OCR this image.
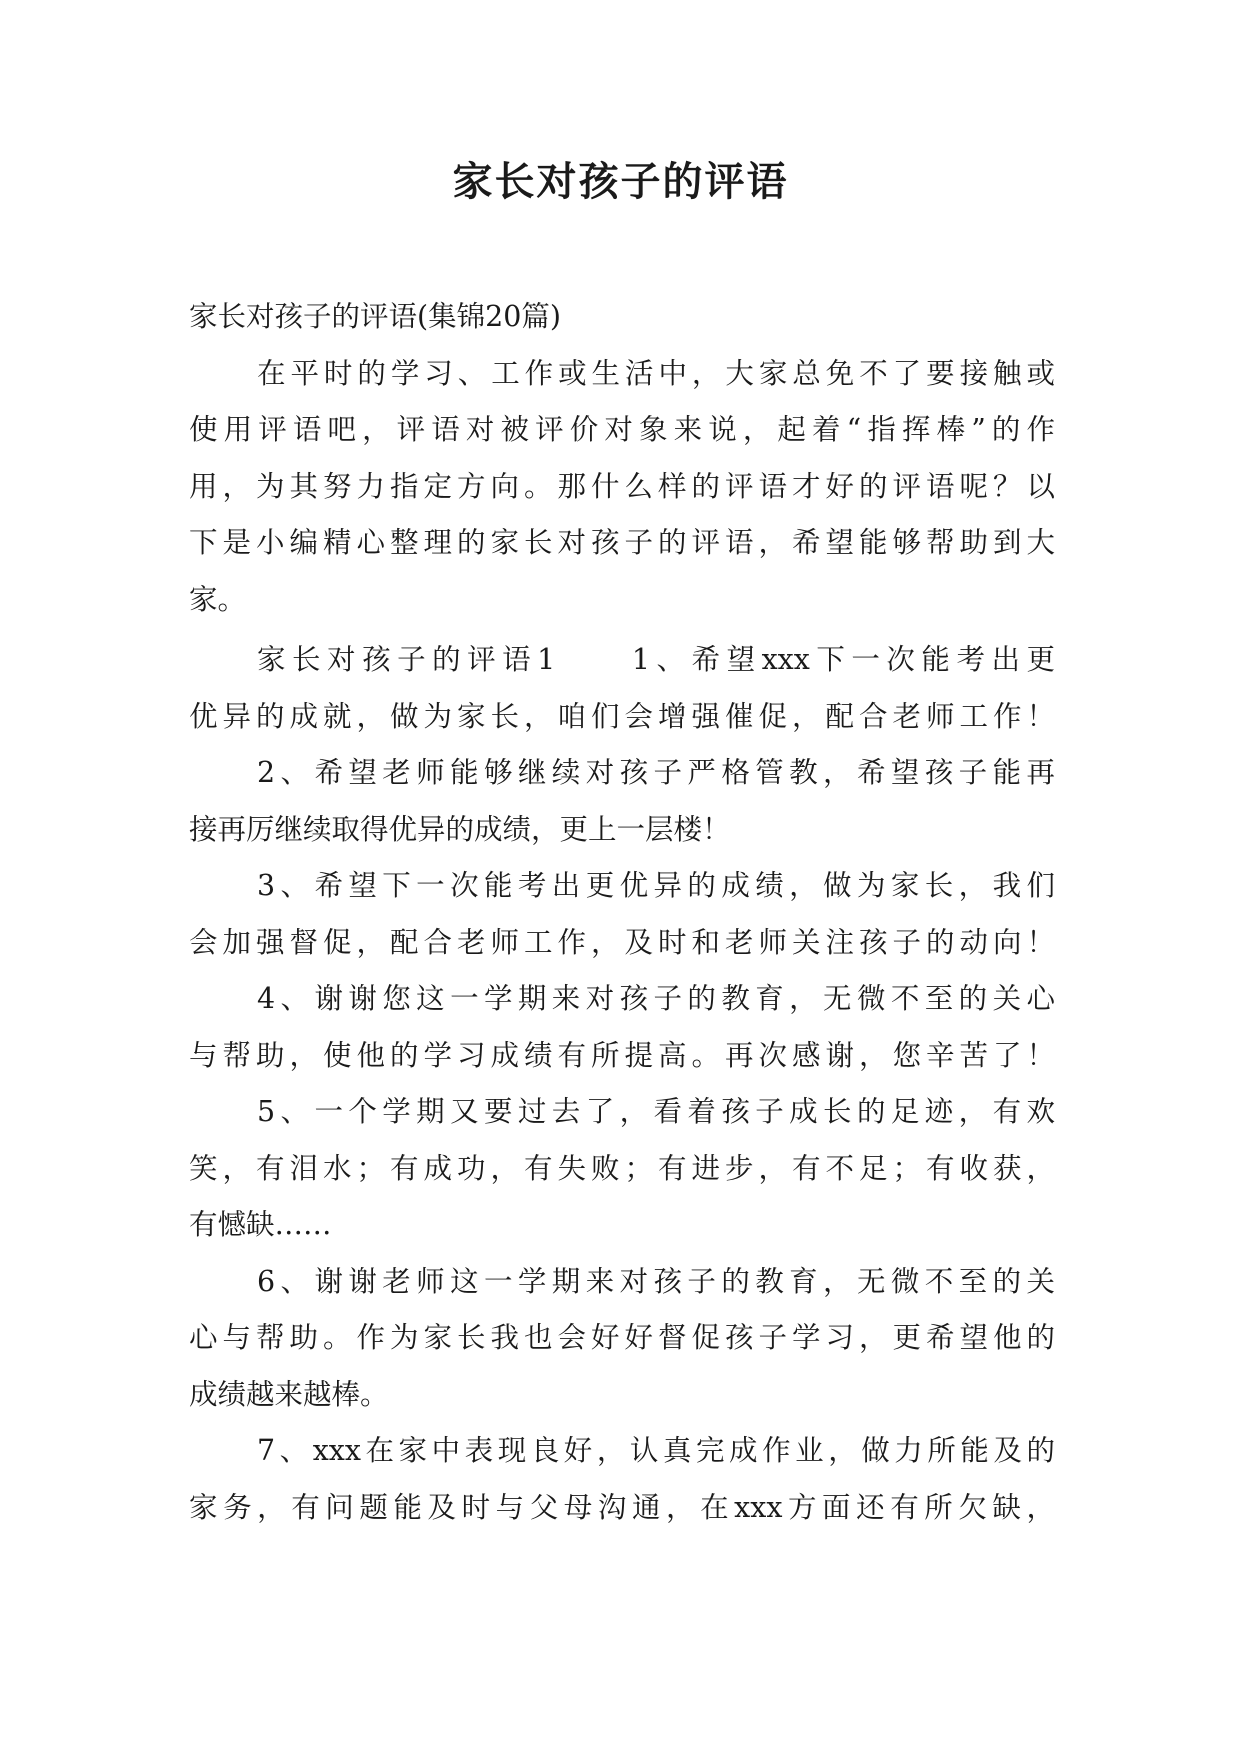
家长对孩子的评语
家长对孩子的评语(集锦20篇)
在平时的学习、工作或生活中，大家总免不了要接触或
使用评语吧，评语对被评价对象来说，起着“指挥棒”的作
用，为其努力指定方向。那什么样的评语才好的评语呢？以
下是小编精心整理的家长对孩子的评语，希望能够帮助到大
家。
家长对孩子的评语1　　1、希望xxx下一次能考出更
优异的成就，做为家长，咱们会增强催促，配合老师工作！
2、希望老师能够继续对孩子严格管教，希望孩子能再
接再厉继续取得优异的成绩，更上一层楼！
3、希望下一次能考出更优异的成绩，做为家长，我们
会加强督促，配合老师工作，及时和老师关注孩子的动向！
4、谢谢您这一学期来对孩子的教育，无微不至的关心
与帮助，使他的学习成绩有所提高。再次感谢，您辛苦了！
5、一个学期又要过去了，看着孩子成长的足迹，有欢
笑，有泪水；有成功，有失败；有进步，有不足；有收获，
有憾缺……
6、谢谢老师这一学期来对孩子的教育，无微不至的关
心与帮助。作为家长我也会好好督促孩子学习，更希望他的
成绩越来越棒。
7、xxx在家中表现良好，认真完成作业，做力所能及的
家务，有问题能及时与父母沟通，在xxx方面还有所欠缺，
